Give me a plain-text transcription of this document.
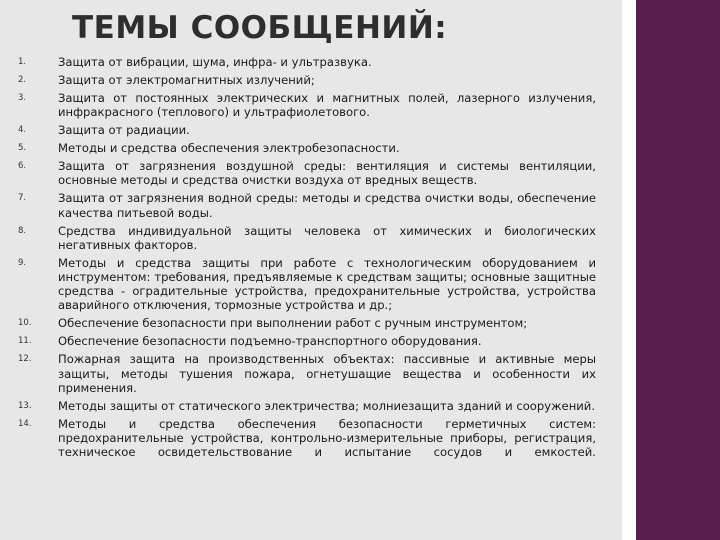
ТЕМЫ СООБЩЕНИЙ:
1.	Защита от вибрации, шума, инфра- и ультразвука.
2.	Защита от электромагнитных излучений;
3.	Защита от постоянных электрических и магнитных полей, лазерного излучения, инфракрасного (теплового) и ультрафиолетового.
4.	Защита от радиации.
5.	Методы и средства обеспечения электробезопасности.
6.	Защита от загрязнения воздушной среды: вентиляция и системы вентиляции, основные методы и средства очистки воздуха от вредных веществ.
7.	Защита от загрязнения водной среды: методы и средства очистки воды, обеспечение качества питьевой воды.
8.	Средства индивидуальной защиты человека от химических и биологических негативных факторов.
9.	Методы и средства защиты при работе с технологическим оборудованием и инструментом: требования, предъявляемые к средствам защиты; основные защитные средства - оградительные устройства, предохранительные устройства, устройства аварийного отключения, тормозные устройства и др.;
10.	Обеспечение безопасности при выполнении работ с ручным инструментом;
11.	Обеспечение безопасности подъемно-транспортного оборудования.
12.	Пожарная защита на производственных объектах: пассивные и активные меры защиты, методы тушения пожара, огнетушащие вещества и особенности их применения.
13.	Методы защиты от статического электричества; молниезащита зданий и сооружений.
14.	Методы и средства обеспечения безопасности герметичных систем: предохранительные устройства, контрольно-измерительные приборы, регистрация, техническое освидетельствование и испытание сосудов и емкостей.
